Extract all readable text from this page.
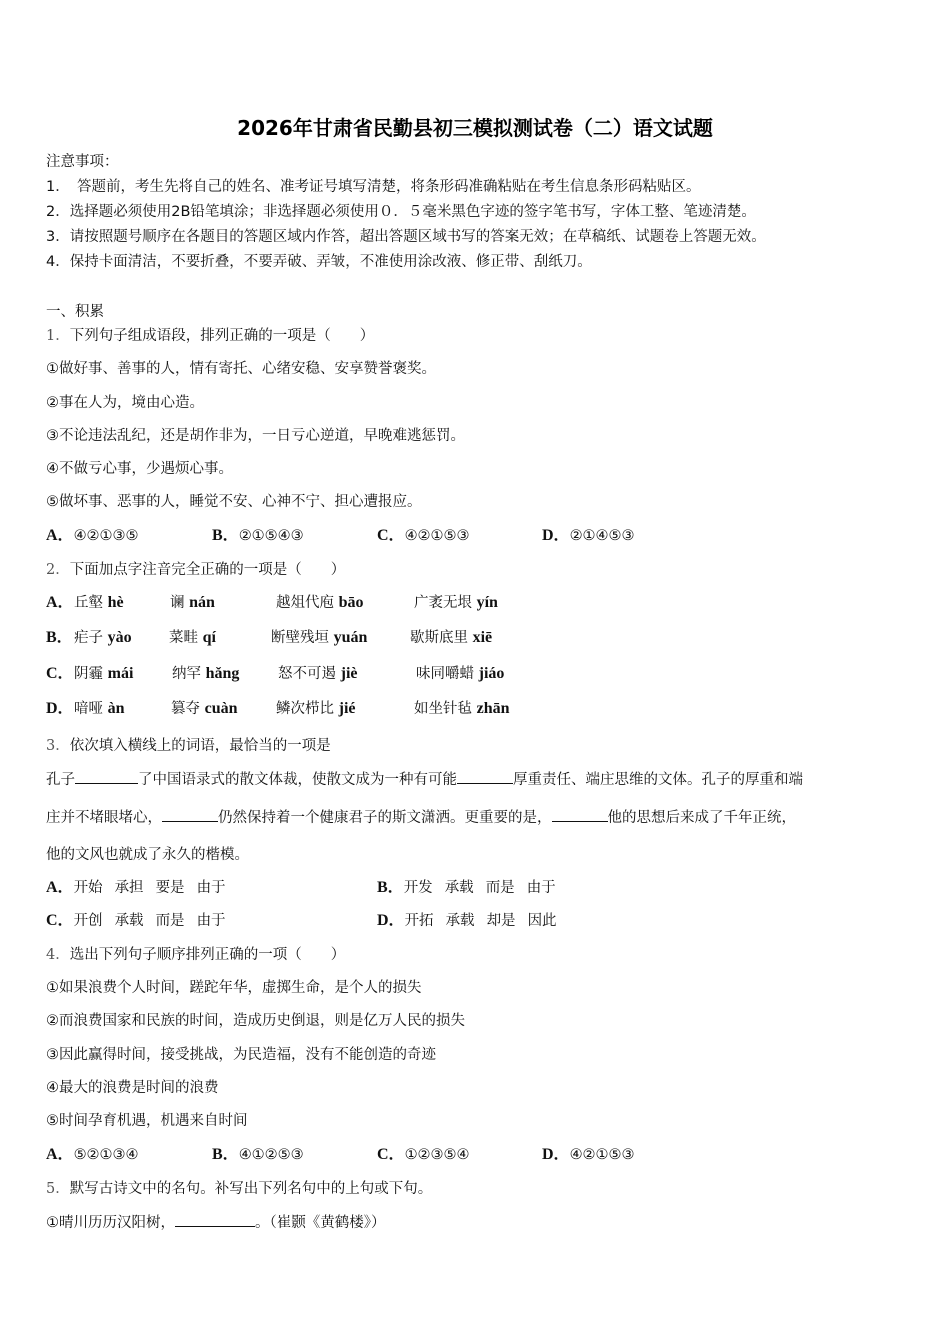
2026年甘肃省民勤县初三模拟测试卷（二）语文试题
注意事项：
1．　答题前，考生先将自己的姓名、准考证号填写清楚，将条形码准确粘贴在考生信息条形码粘贴区。
2．选择题必须使用2B铅笔填涂；非选择题必须使用０．５毫米黑色字迹的签字笔书写，字体工整、笔迹清楚。
3．请按照题号顺序在各题目的答题区域内作答，超出答题区域书写的答案无效；在草稿纸、试题卷上答题无效。
4．保持卡面清洁，不要折叠，不要弄破、弄皱，不准使用涂改液、修正带、刮纸刀。
一、积累
1．下列句子组成语段，排列正确的一项是（　　）
①做好事、善事的人，情有寄托、心绪安稳、安享赞誉褒奖。
②事在人为，境由心造。
③不论违法乱纪，还是胡作非为，一日亏心逆道，早晚难逃惩罚。
④不做亏心事，少遇烦心事。
⑤做坏事、恶事的人，睡觉不安、心神不宁、担心遭报应。
A．④②①③⑤	B．②①⑤④③	C．④②①⑤③	D．②①④⑤③
2．下面加点字注音完全正确的一项是（　　）
A． 丘壑 hè	谰 nán	越俎代庖 bāo	广袤无垠 yín
B． 疟子 yào	菜畦 qí	断壁残垣 yuán	歇斯底里 xiē
C． 阴霾 mái	纳罕 hǎng	怒不可遏 jiè	味同嚼蜡 jiáo
D． 喑哑 àn	篡夺 cuàn	鳞次栉比 jié	如坐针毡 zhān
3．依次填入横线上的词语，最恰当的一项是
孔子	了中国语录式的散文体裁，使散文成为一种有可能	厚重责任、端庄思维的文体。孔子的厚重和端
庄并不堵眼堵心，	仍然保持着一个健康君子的斯文潇洒。更重要的是，	他的思想后来成了千年正统，
他的文风也就成了永久的楷模。
A．开始 承担 要是 由于	B．开发 承载 而是 由于
C．开创 承载 而是 由于	D．开拓 承载 却是 因此
4．选出下列句子顺序排列正确的一项（　　）
①如果浪费个人时间，蹉跎年华，虚掷生命，是个人的损失
②而浪费国家和民族的时间，造成历史倒退，则是亿万人民的损失
③因此赢得时间，接受挑战，为民造福，没有不能创造的奇迹
④最大的浪费是时间的浪费
⑤时间孕育机遇，机遇来自时间
A．⑤②①③④	B．④①②⑤③	C．①②③⑤④	D．④②①⑤③
5．默写古诗文中的名句。补写出下列名句中的上句或下句。
①晴川历历汉阳树，	。（崔颢《黄鹤楼》）
